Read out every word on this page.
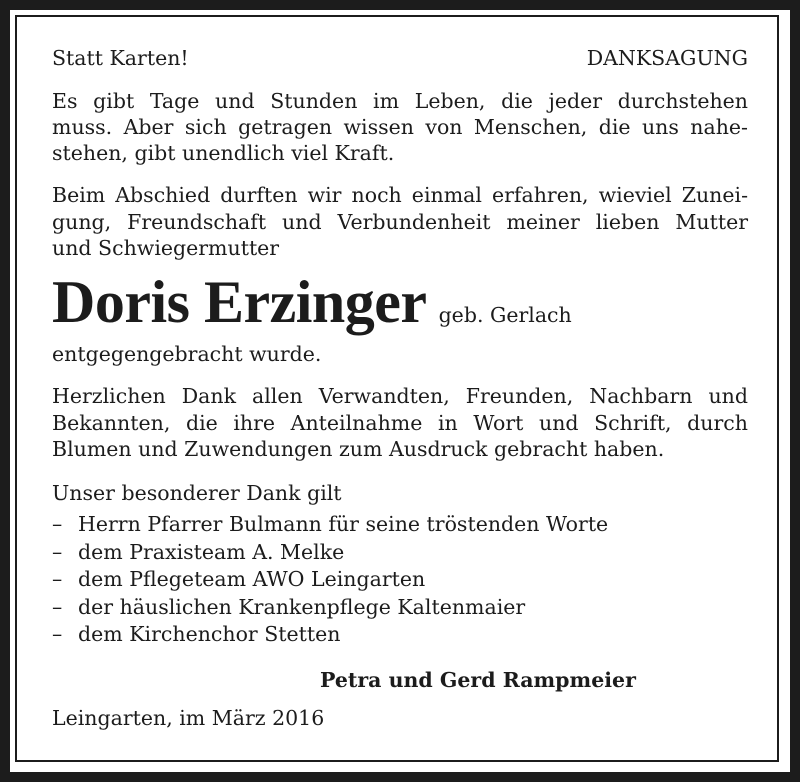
Statt Karten!	DANKSAGUNG
Es gibt Tage und Stunden im Leben, die jeder durchstehen
muss. Aber sich getragen wissen von Menschen, die uns nahe-
stehen, gibt unendlich viel Kraft.
Beim Abschied durften wir noch einmal erfahren, wieviel Zunei-
gung, Freundschaft und Verbundenheit meiner lieben Mutter
und Schwiegermutter
Doris Erzinger geb. Gerlach
entgegengebracht wurde.
Herzlichen Dank allen Verwandten, Freunden, Nachbarn und
Bekannten, die ihre Anteilnahme in Wort und Schrift, durch
Blumen und Zuwendungen zum Ausdruck gebracht haben.
Unser besonderer Dank gilt
– Herrn Pfarrer Bulmann für seine tröstenden Worte
– dem Praxisteam A. Melke
– dem Pflegeteam AWO Leingarten
– der häuslichen Krankenpflege Kaltenmaier
– dem Kirchenchor Stetten
Petra und Gerd Rampmeier
Leingarten, im März 2016
